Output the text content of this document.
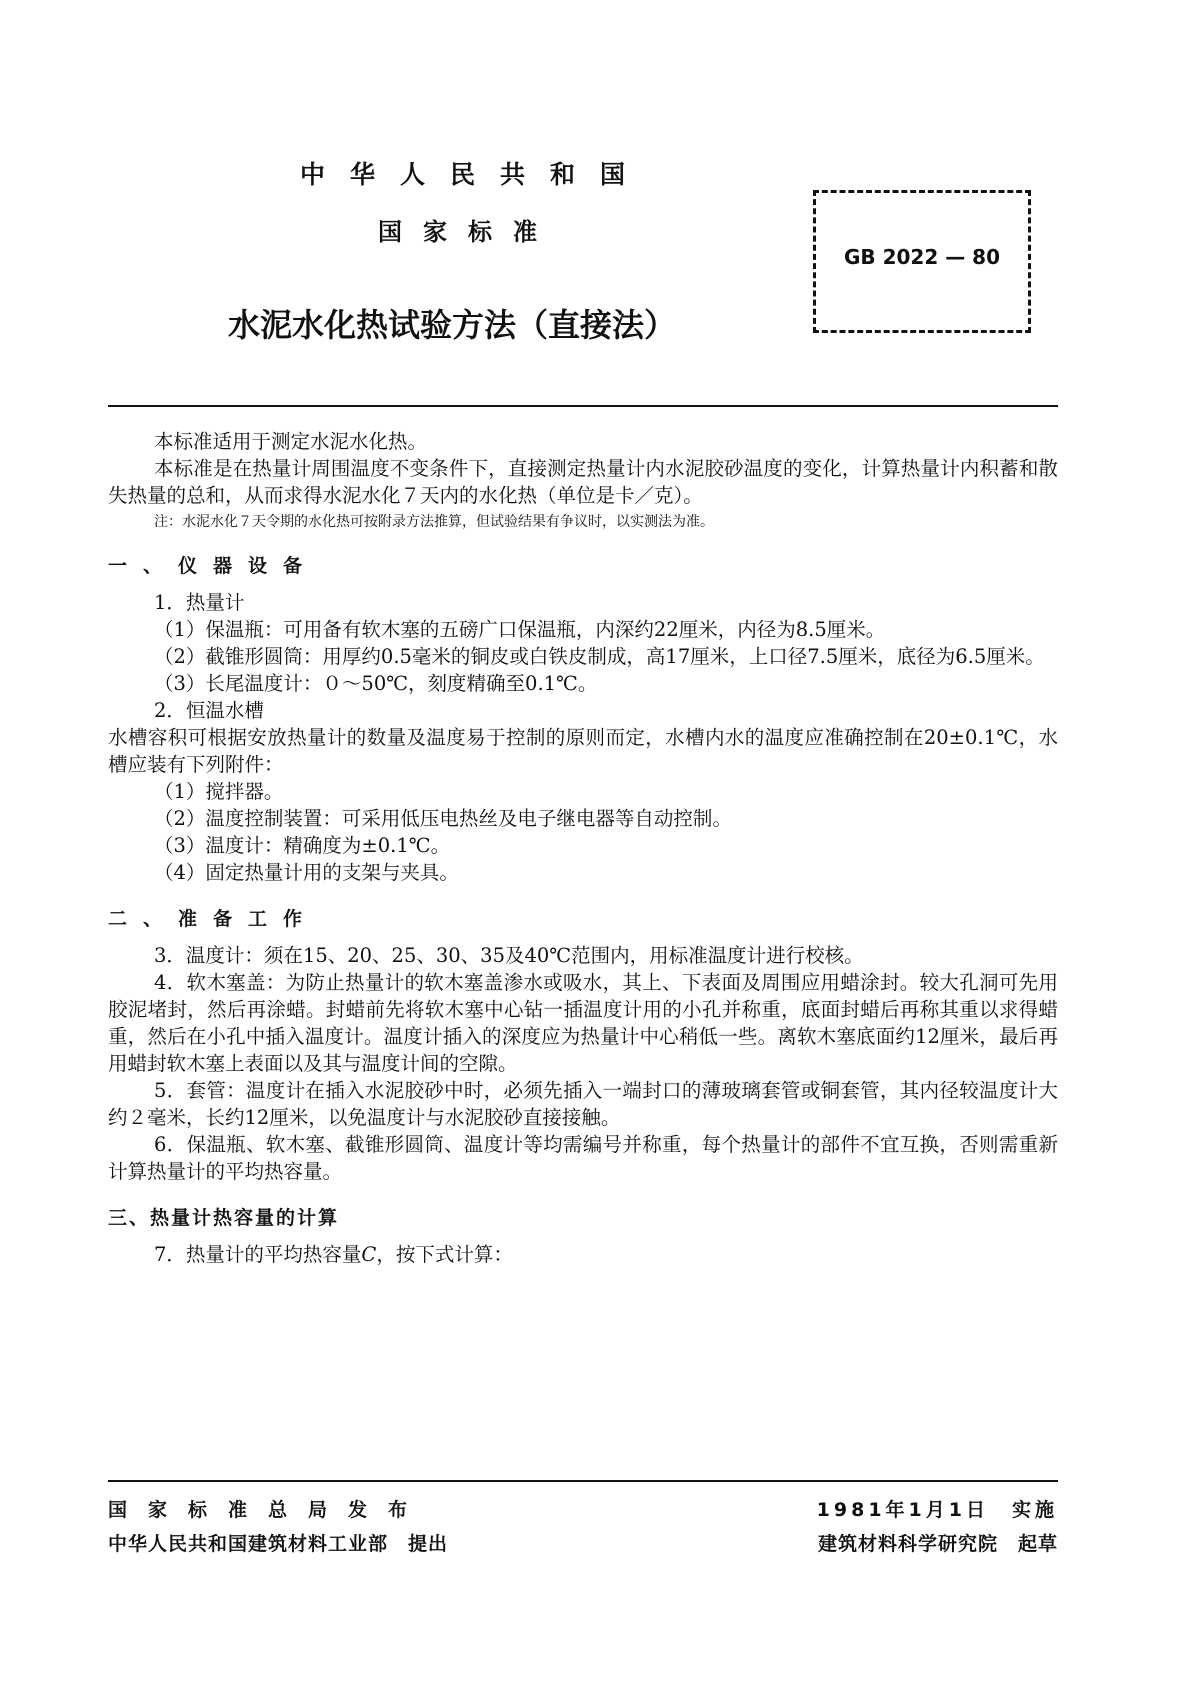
中华人民共和国
国家标准
水泥水化热试验方法（直接法）
GB 2022 — 80

本标准适用于测定水泥水化热。

本标准是在热量计周围温度不变条件下，直接测定热量计内水泥胶砂温度的变化，计算热量计内积蓄和散失热量的总和，从而求得水泥水化７天内的水化热（单位是卡／克）。

注：水泥水化７天令期的水化热可按附录方法推算，但试验结果有争议时，以实测法为准。

一、仪器设备

1．热量计

（1）保温瓶：可用备有软木塞的五磅广口保温瓶，内深约22厘米，内径为8.5厘米。

（2）截锥形圆筒：用厚约0.5毫米的铜皮或白铁皮制成，高17厘米，上口径7.5厘米，底径为6.5厘米。

（3）长尾温度计：０～50℃，刻度精确至0.1℃。

2．恒温水槽

水槽容积可根据安放热量计的数量及温度易于控制的原则而定，水槽内水的温度应准确控制在20±0.1℃，水槽应装有下列附件：

（1）搅拌器。

（2）温度控制装置：可采用低压电热丝及电子继电器等自动控制。

（3）温度计：精确度为±0.1℃。

（4）固定热量计用的支架与夹具。

二、准备工作

3．温度计：须在15、20、25、30、35及40℃范围内，用标准温度计进行校核。

4．软木塞盖：为防止热量计的软木塞盖渗水或吸水，其上、下表面及周围应用蜡涂封。较大孔洞可先用胶泥堵封，然后再涂蜡。封蜡前先将软木塞中心钻一插温度计用的小孔并称重，底面封蜡后再称其重以求得蜡重，然后在小孔中插入温度计。温度计插入的深度应为热量计中心稍低一些。离软木塞底面约12厘米，最后再用蜡封软木塞上表面以及其与温度计间的空隙。

5．套管：温度计在插入水泥胶砂中时，必须先插入一端封口的薄玻璃套管或铜套管，其内径较温度计大约２毫米，长约12厘米，以免温度计与水泥胶砂直接接触。

6．保温瓶、软木塞、截锥形圆筒、温度计等均需编号并称重，每个热量计的部件不宜互换，否则需重新计算热量计的平均热容量。

三、热量计热容量的计算

7．热量计的平均热容量C，按下式计算：

国家标准总局发布
中华人民共和国建筑材料工业部　提出
1981年1月1日　实施
建筑材料科学研究院　起草
